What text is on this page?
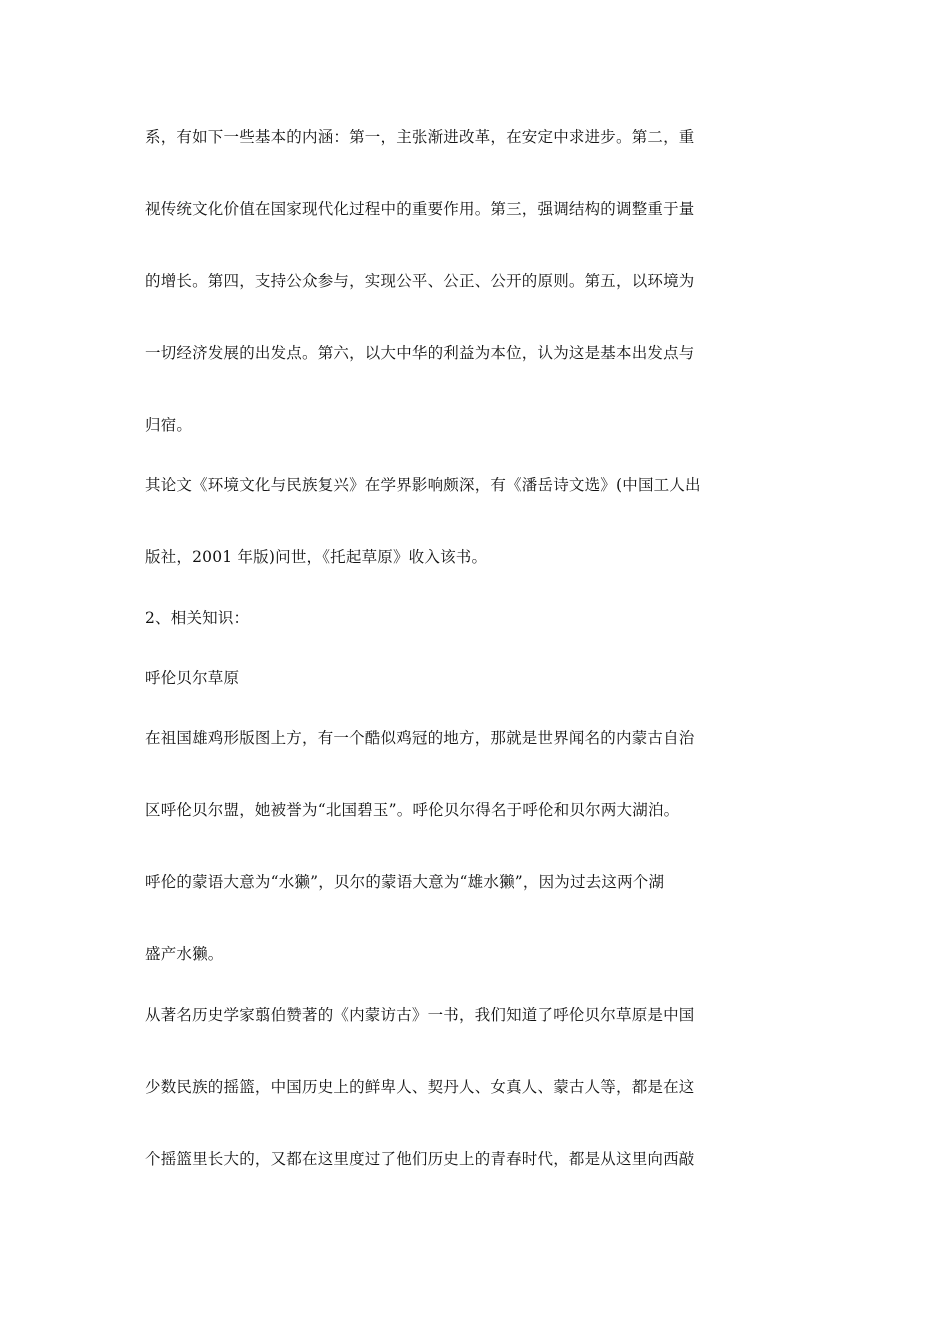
系，有如下一些基本的内涵：第一，主张渐进改革，在安定中求进步。第二，重
视传统文化价值在国家现代化过程中的重要作用。第三，强调结构的调整重于量
的增长。第四，支持公众参与，实现公平、公正、公开的原则。第五，以环境为
一切经济发展的出发点。第六，以大中华的利益为本位，认为这是基本出发点与
归宿。
其论文《环境文化与民族复兴》在学界影响颇深，有《潘岳诗文选》(中国工人出
版社，2001 年版)问世，《托起草原》收入该书。
2、相关知识：
呼伦贝尔草原
在祖国雄鸡形版图上方，有一个酷似鸡冠的地方，那就是世界闻名的内蒙古自治
区呼伦贝尔盟，她被誉为“北国碧玉”。呼伦贝尔得名于呼伦和贝尔两大湖泊。
呼伦的蒙语大意为“水獭”，贝尔的蒙语大意为“雄水獭”，因为过去这两个湖
盛产水獭。
从著名历史学家翦伯赞著的《内蒙访古》一书，我们知道了呼伦贝尔草原是中国
少数民族的摇篮，中国历史上的鲜卑人、契丹人、女真人、蒙古人等，都是在这
个摇篮里长大的，又都在这里度过了他们历史上的青春时代，都是从这里向西敲
